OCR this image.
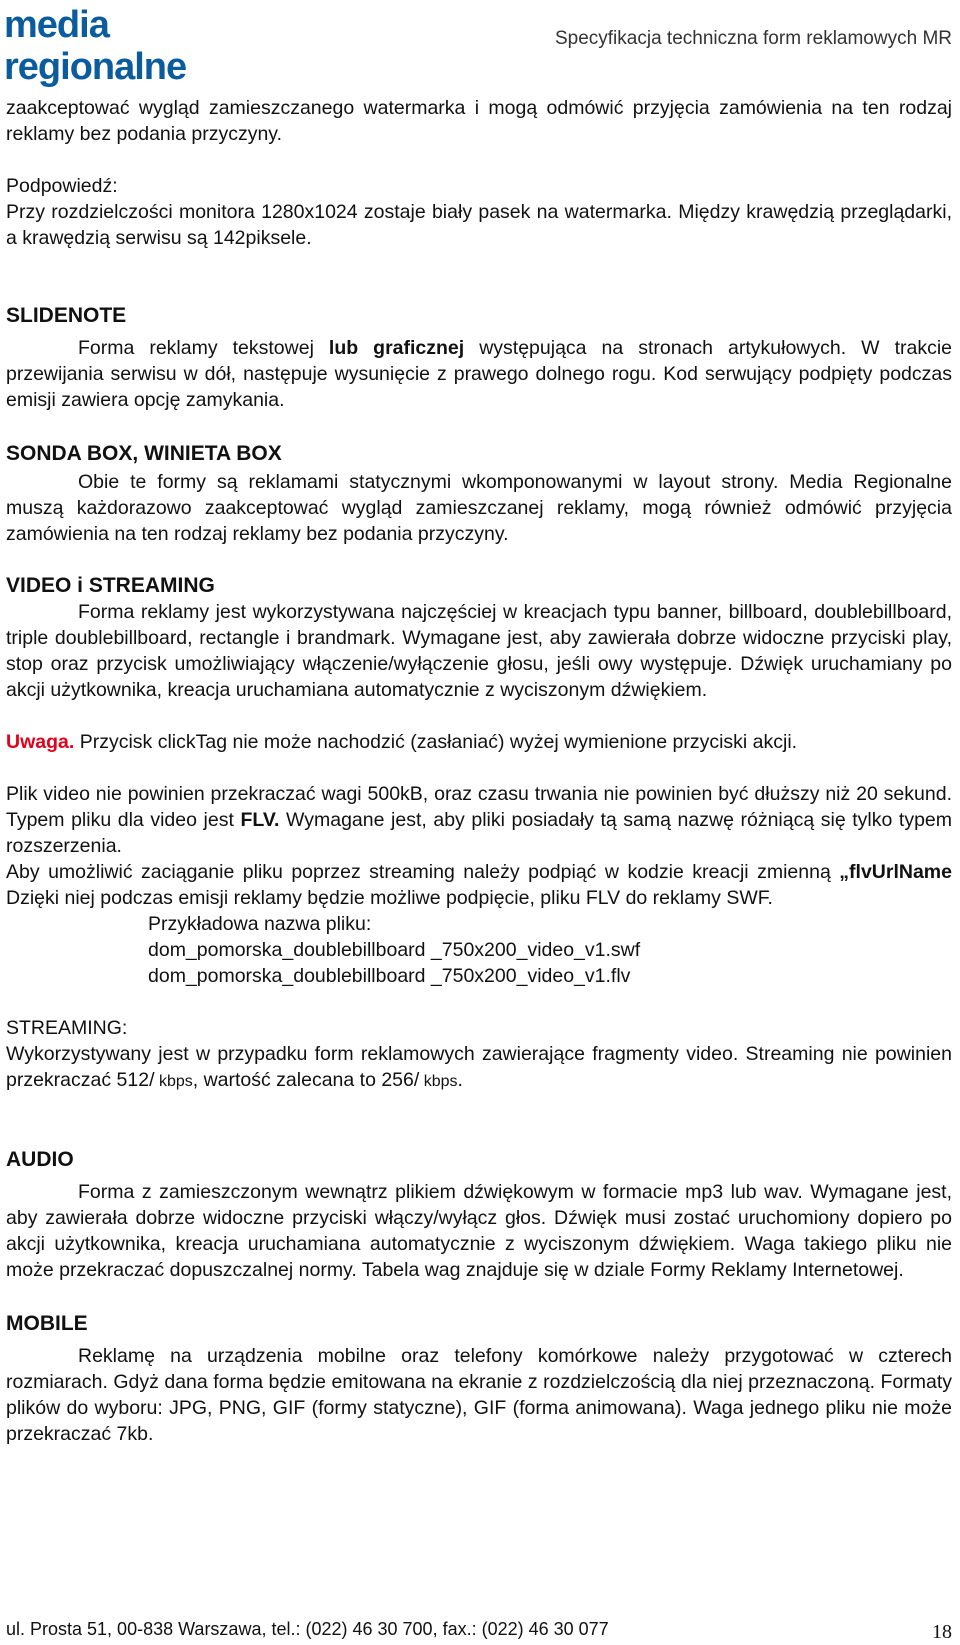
media
regionalne
Specyfikacja techniczna form reklamowych MR

zaakceptować wygląd zamieszczanego watermarka i mogą odmówić przyjęcia zamówienia na ten rodzaj reklamy bez podania przyczyny.

Podpowiedź:

Przy rozdzielczości monitora 1280x1024 zostaje biały pasek na watermarka. Między krawędzią przeglądarki, a krawędzią serwisu są 142piksele.

SLIDENOTE

Forma reklamy tekstowej lub graficznej występująca na stronach artykułowych. W trakcie przewijania serwisu w dół, następuje wysunięcie z prawego dolnego rogu. Kod serwujący podpięty podczas emisji zawiera opcję zamykania.

SONDA BOX, WINIETA BOX

Obie te formy są reklamami statycznymi wkomponowanymi w layout strony. Media Regionalne muszą każdorazowo zaakceptować wygląd zamieszczanej reklamy, mogą również odmówić przyjęcia zamówienia na ten rodzaj reklamy bez podania przyczyny.

VIDEO i STREAMING

Forma reklamy jest wykorzystywana najczęściej w kreacjach typu banner, billboard, doublebillboard, triple doublebillboard, rectangle i brandmark. Wymagane jest, aby zawierała dobrze widoczne przyciski play, stop oraz przycisk umożliwiający włączenie/wyłączenie głosu, jeśli owy występuje. Dźwięk uruchamiany po akcji użytkownika, kreacja uruchamiana automatycznie z wyciszonym dźwiękiem.

Uwaga. Przycisk clickTag nie może nachodzić (zasłaniać) wyżej wymienione przyciski akcji.

Plik video nie powinien przekraczać wagi 500kB, oraz czasu trwania nie powinien być dłuższy niż 20 sekund. Typem pliku dla video jest FLV. Wymagane jest, aby pliki posiadały tą samą nazwę różniącą się tylko typem rozszerzenia.

Aby umożliwić zaciąganie pliku poprzez streaming należy podpiąć w kodzie kreacji zmienną „flvUrlName Dzięki niej podczas emisji reklamy będzie możliwe podpięcie, pliku FLV do reklamy SWF.

Przykładowa nazwa pliku:

dom_pomorska_doublebillboard _750x200_video_v1.swf

dom_pomorska_doublebillboard _750x200_video_v1.flv

STREAMING:

Wykorzystywany jest w przypadku form reklamowych zawierające fragmenty video. Streaming nie powinien przekraczać 512/ kbps, wartość zalecana to 256/ kbps.

AUDIO

Forma z zamieszczonym wewnątrz plikiem dźwiękowym w formacie mp3 lub wav. Wymagane jest, aby zawierała dobrze widoczne przyciski włączy/wyłącz głos. Dźwięk musi zostać uruchomiony dopiero po akcji użytkownika, kreacja uruchamiana automatycznie z wyciszonym dźwiękiem. Waga takiego pliku nie może przekraczać dopuszczalnej normy. Tabela wag znajduje się w dziale Formy Reklamy Internetowej.

MOBILE

Reklamę na urządzenia mobilne oraz telefony komórkowe należy przygotować w czterech rozmiarach. Gdyż dana forma będzie emitowana na ekranie z rozdzielczością dla niej przeznaczoną. Formaty plików do wyboru: JPG, PNG, GIF (formy statyczne), GIF (forma animowana). Waga jednego pliku nie może przekraczać 7kb.

ul. Prosta 51, 00-838 Warszawa, tel.: (022) 46 30 700, fax.: (022) 46 30 077	18
